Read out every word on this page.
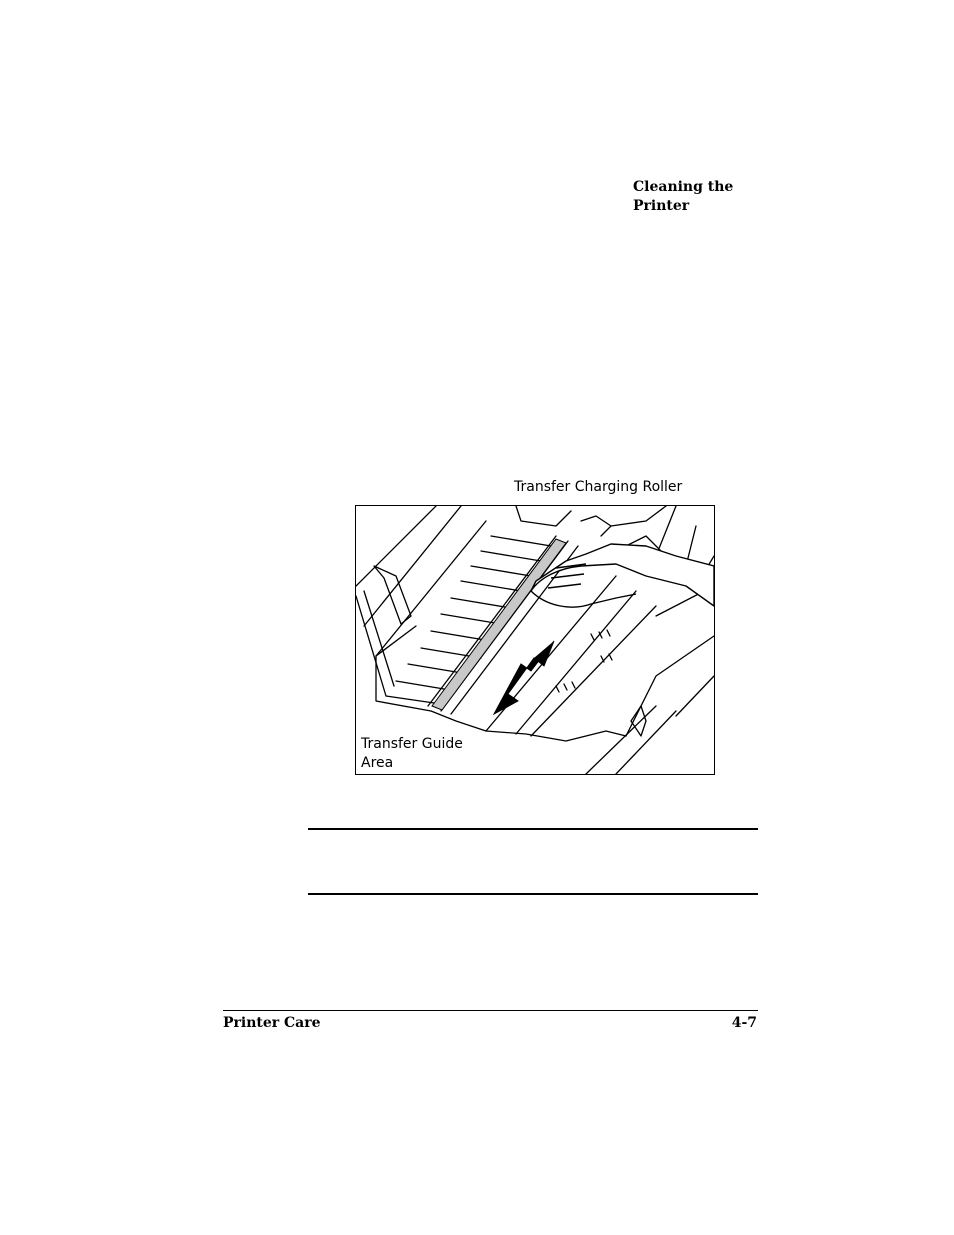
Cleaning the
Printer
Transfer Charging Roller
Transfer Guide
Area
Printer Care	4-7
